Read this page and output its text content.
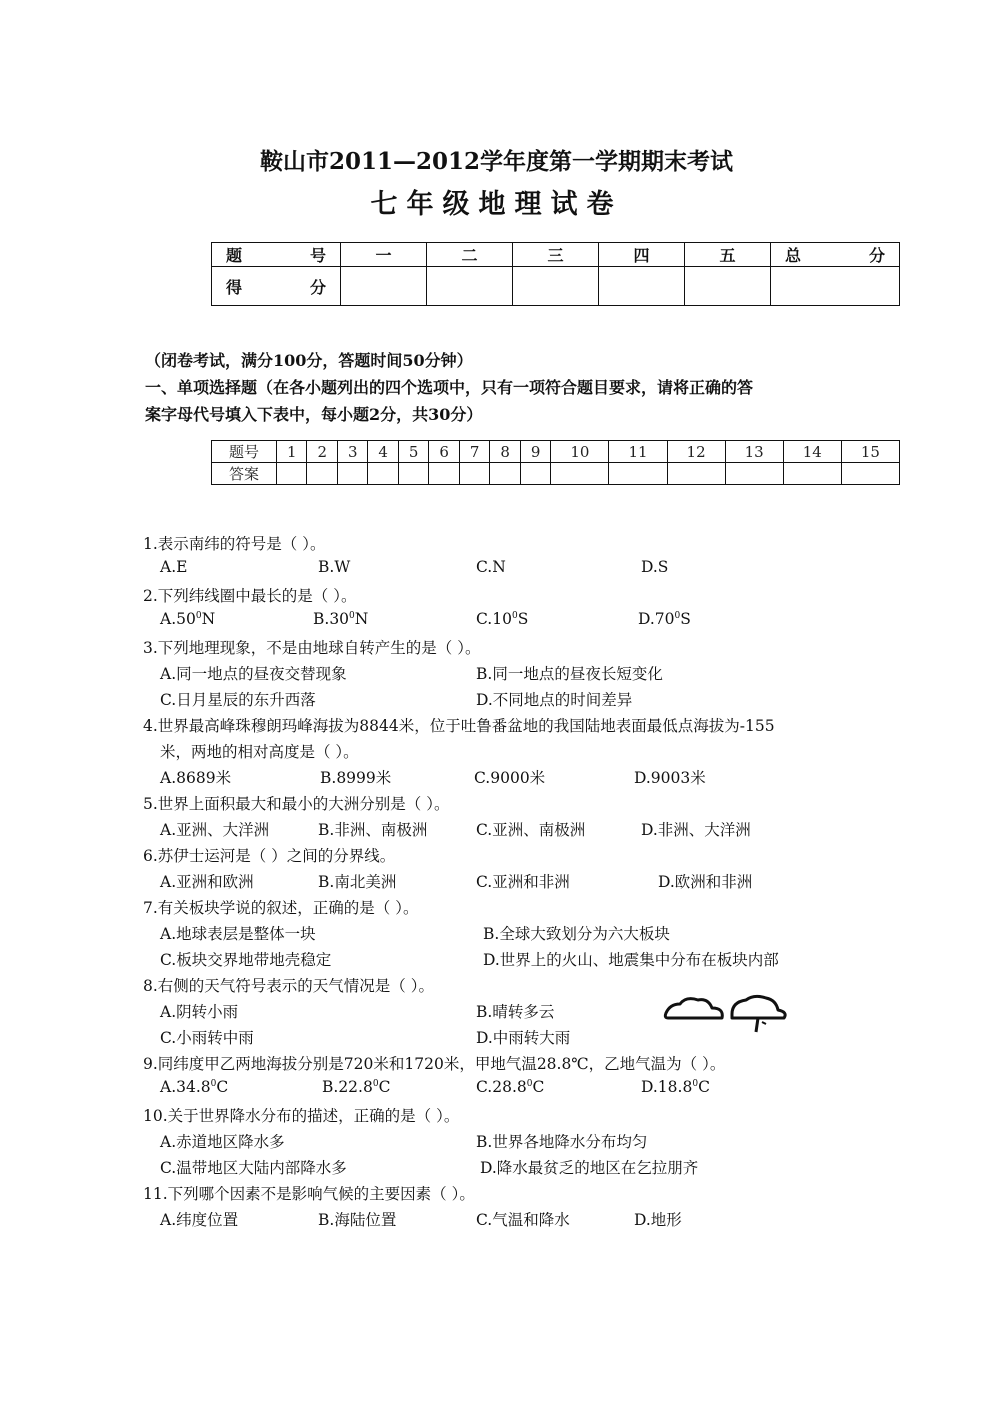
鞍山市2011—2012学年度第一学期期末考试
七年级地理试卷
题号	一	二	三	四	五	总分
得分						
（闭卷考试，满分100分，答题时间50分钟）
一、单项选择题（在各小题列出的四个选项中，只有一项符合题目要求，请将正确的答
案字母代号填入下表中，每小题2分，共30分）
题号	1	2	3	4	5	6	7	8	9	10	11	12	13	14	15
答案															
1.表示南纬的符号是（ ）。
A.E	B.W	C.N	D.S
2.下列纬线圈中最长的是（ ）。
$A.50^0N$	$B.30^0N$	$C.10^0S$	$D.70^0S$
3.下列地理现象，不是由地球自转产生的是（ ）。
A.同一地点的昼夜交替现象	B.同一地点的昼夜长短变化
C.日月星辰的东升西落	D.不同地点的时间差异
4.世界最高峰珠穆朗玛峰海拔为8844米，位于吐鲁番盆地的我国陆地表面最低点海拔为-155
米，两地的相对高度是（ ）。
A.8689米	B.8999米	C.9000米	D.9003米
5.世界上面积最大和最小的大洲分别是（ ）。
A.亚洲、大洋洲	B.非洲、南极洲	C.亚洲、南极洲	D.非洲、大洋洲
6.苏伊士运河是（ ）之间的分界线。
A.亚洲和欧洲	B.南北美洲	C.亚洲和非洲	D.欧洲和非洲
7.有关板块学说的叙述，正确的是（ ）。
A.地球表层是整体一块	B.全球大致划分为六大板块
C.板块交界地带地壳稳定	D.世界上的火山、地震集中分布在板块内部
8.右侧的天气符号表示的天气情况是（ ）。
A.阴转小雨	B.晴转多云
C.小雨转中雨	D.中雨转大雨
9.同纬度甲乙两地海拔分别是720米和1720米，甲地气温28.8℃，乙地气温为（ ）。
A.34.8$^0$C	B.22.8$^0$C	C.28.8$^0$C	D.18.8$^0$C
10.关于世界降水分布的描述，正确的是（ ）。
A.赤道地区降水多	B.世界各地降水分布均匀
C.温带地区大陆内部降水多	D.降水最贫乏的地区在乞拉朋齐
11.下列哪个因素不是影响气候的主要因素（ ）。
A.纬度位置	B.海陆位置	C.气温和降水	D.地形
